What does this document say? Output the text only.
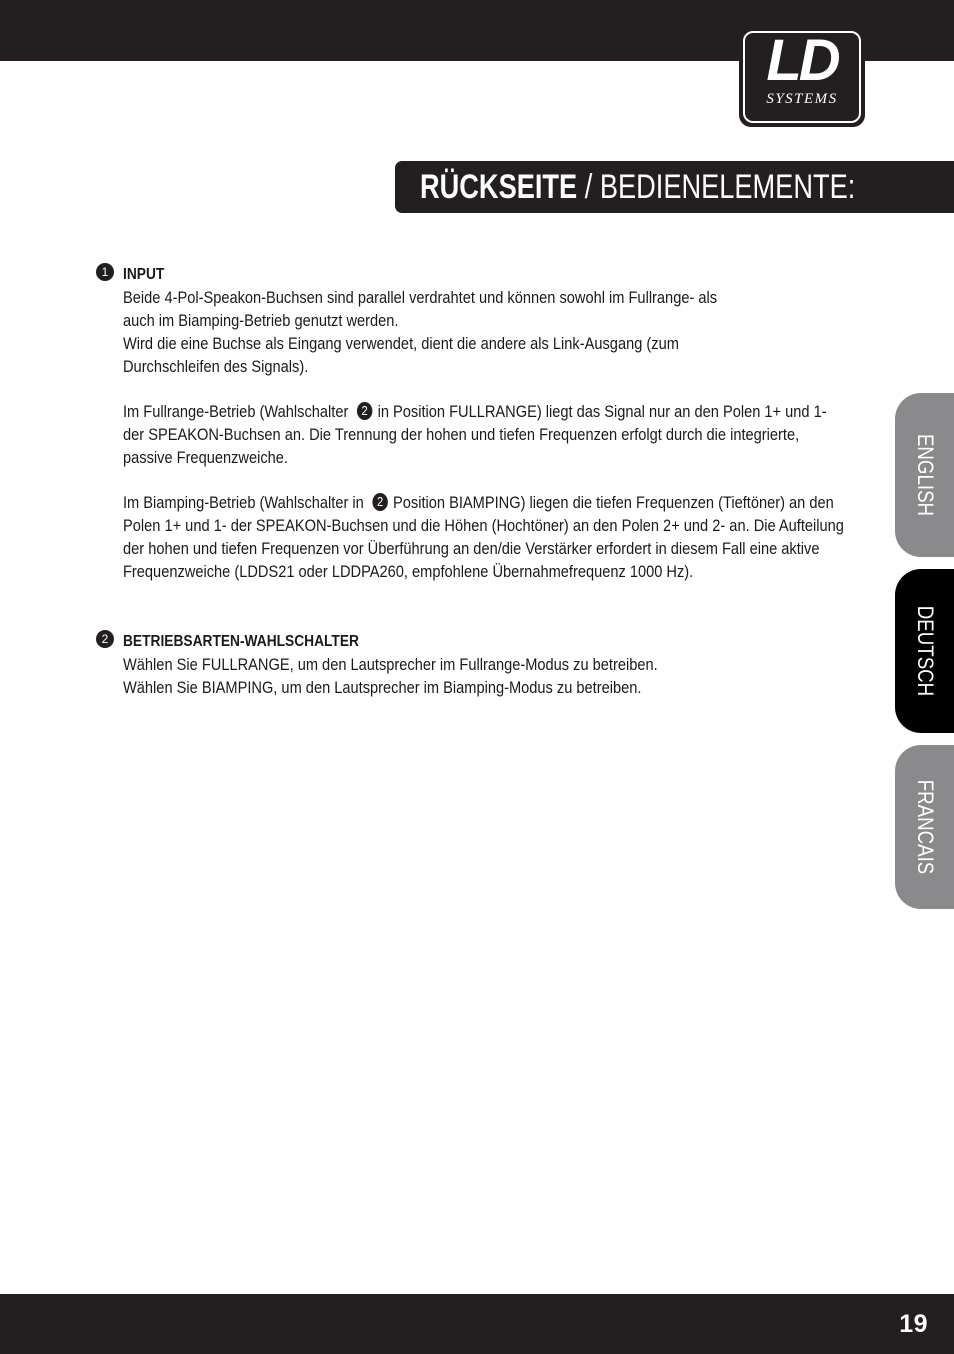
LD
SYSTEMS
RÜCKSEITE / BEDIENELEMENTE:
ENGLISH
DEUTSCH
FRANCAIS
1 INPUT

Beide 4-Pol-Speakon-Buchsen sind parallel verdrahtet und können sowohl im Fullrange- als auch im Biamping-Betrieb genutzt werden.

Wird die eine Buchse als Eingang verwendet, dient die andere als Link-Ausgang (zum Durchschleifen des Signals).

Im Fullrange-Betrieb (Wahlschalter 2 in Position FULLRANGE) liegt das Signal nur an den Polen 1+ und 1- der SPEAKON-Buchsen an. Die Trennung der hohen und tiefen Frequenzen erfolgt durch die integrierte, passive Frequenzweiche.

Im Biamping-Betrieb (Wahlschalter in 2 Position BIAMPING) liegen die tiefen Frequenzen (Tieftöner) an den Polen 1+ und 1- der SPEAKON-Buchsen und die Höhen (Hochtöner) an den Polen 2+ und 2- an. Die Aufteilung der hohen und tiefen Frequenzen vor Überführung an den/die Verstärker erfordert in diesem Fall eine aktive Frequenzweiche (LDDS21 oder LDDPA260, empfohlene Übernahmefrequenz 1000 Hz).

2 BETRIEBSARTEN-WAHLSCHALTER

Wählen Sie FULLRANGE, um den Lautsprecher im Fullrange-Modus zu betreiben.

Wählen Sie BIAMPING, um den Lautsprecher im Biamping-Modus zu betreiben.

19
